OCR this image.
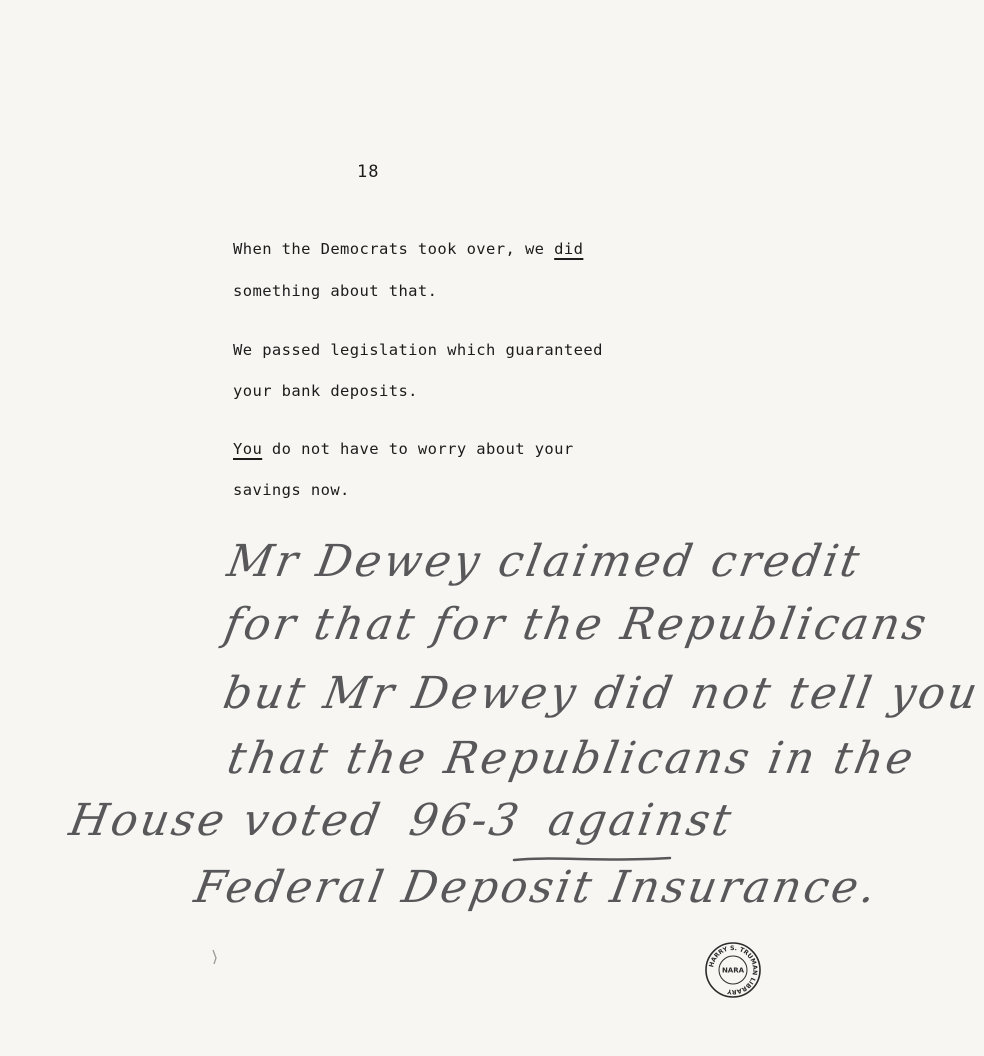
18
When the Democrats took over, we did
something about that.
We passed legislation which guaranteed
your bank deposits.
You do not have to worry about your
savings now.
Mr Dewey claimed credit
for that for the Republicans
but Mr Dewey did not tell you
that the Republicans in the
House voted 96-3 against
Federal Deposit Insurance.
HARRY S. TRUMAN LIBRARY
NARA
